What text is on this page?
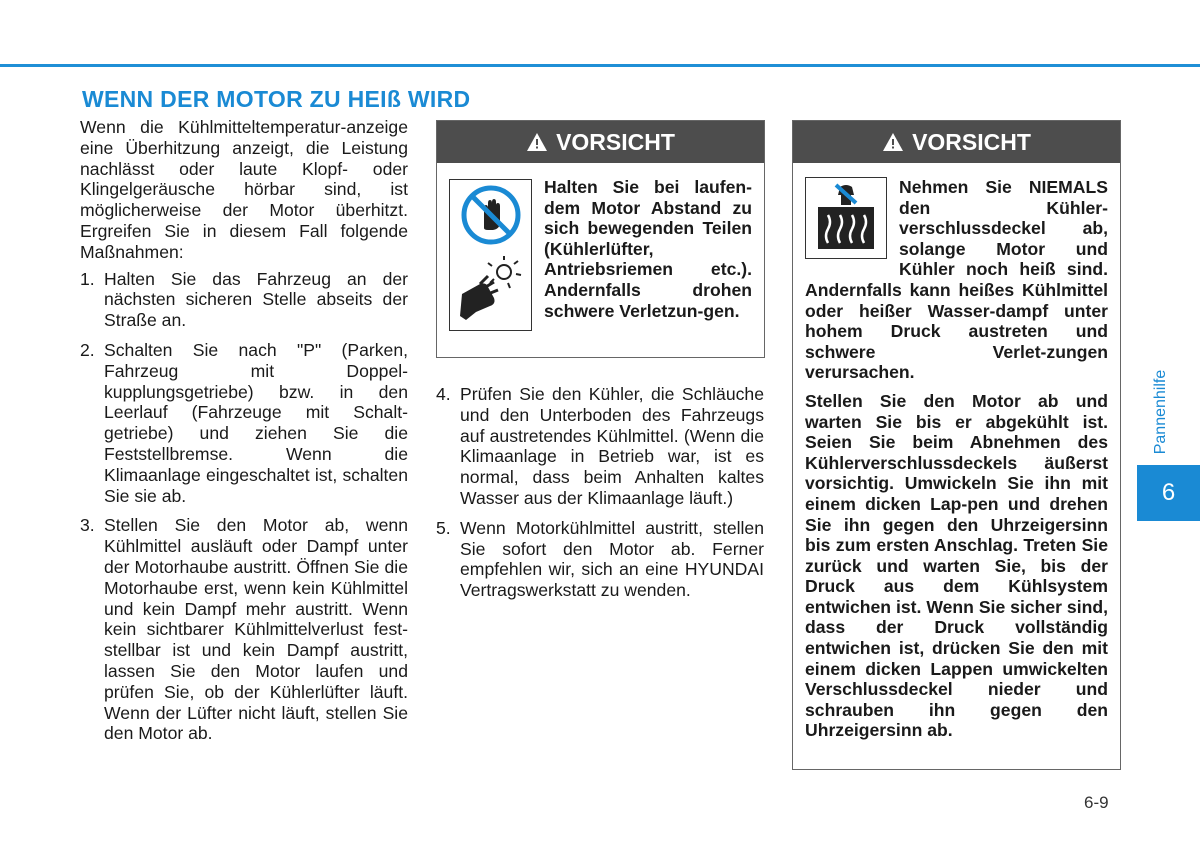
WENN DER MOTOR ZU HEIß WIRD

Wenn die Kühlmitteltemperatur-anzeige eine Überhitzung anzeigt, die Leistung nachlässt oder laute Klopf- oder Klingelgeräusche hörbar sind, ist möglicherweise der Motor überhitzt. Ergreifen Sie in diesem Fall folgende Maßnahmen:

1. Halten Sie das Fahrzeug an der nächsten sicheren Stelle abseits der Straße an.
2. Schalten Sie nach "P" (Parken, Fahrzeug mit Doppel-kupplungsgetriebe) bzw. in den Leerlauf (Fahrzeuge mit Schalt-getriebe) und ziehen Sie die Feststellbremse. Wenn die Klimaanlage eingeschaltet ist, schalten Sie sie ab.
3. Stellen Sie den Motor ab, wenn Kühlmittel ausläuft oder Dampf unter der Motorhaube austritt. Öffnen Sie die Motorhaube erst, wenn kein Kühlmittel und kein Dampf mehr austritt. Wenn kein sichtbarer Kühlmittelverlust fest-stellbar ist und kein Dampf austritt, lassen Sie den Motor laufen und prüfen Sie, ob der Kühlerlüfter läuft. Wenn der Lüfter nicht läuft, stellen Sie den Motor ab.
VORSICHT
Halten Sie bei laufen-dem Motor Abstand zu sich bewegenden Teilen (Kühlerlüfter, Antriebsriemen etc.). Andernfalls drohen schwere Verletzun-gen.
4. Prüfen Sie den Kühler, die Schläuche und den Unterboden des Fahrzeugs auf austretendes Kühlmittel. (Wenn die Klimaanlage in Betrieb war, ist es normal, dass beim Anhalten kaltes Wasser aus der Klimaanlage läuft.)
5. Wenn Motorkühlmittel austritt, stellen Sie sofort den Motor ab. Ferner empfehlen wir, sich an eine HYUNDAI Vertragswerkstatt zu wenden.
VORSICHT
Nehmen Sie NIEMALS den Kühler-verschlussdeckel ab, solange Motor und Kühler noch heiß sind. Andernfalls kann heißes Kühlmittel oder heißer Wasser-dampf unter hohem Druck austreten und schwere Verlet-zungen verursachen.
Stellen Sie den Motor ab und warten Sie bis er abgekühlt ist. Seien Sie beim Abnehmen des Kühlerverschlussdeckels äußerst vorsichtig. Umwickeln Sie ihn mit einem dicken Lap-pen und drehen Sie ihn gegen den Uhrzeigersinn bis zum ersten Anschlag. Treten Sie zurück und warten Sie, bis der Druck aus dem Kühlsystem entwichen ist. Wenn Sie sicher sind, dass der Druck vollständig entwichen ist, drücken Sie den mit einem dicken Lappen umwickelten Verschlussdeckel nieder und schrauben ihn gegen den Uhrzeigersinn ab.
Pannenhilfe
6
6-9
